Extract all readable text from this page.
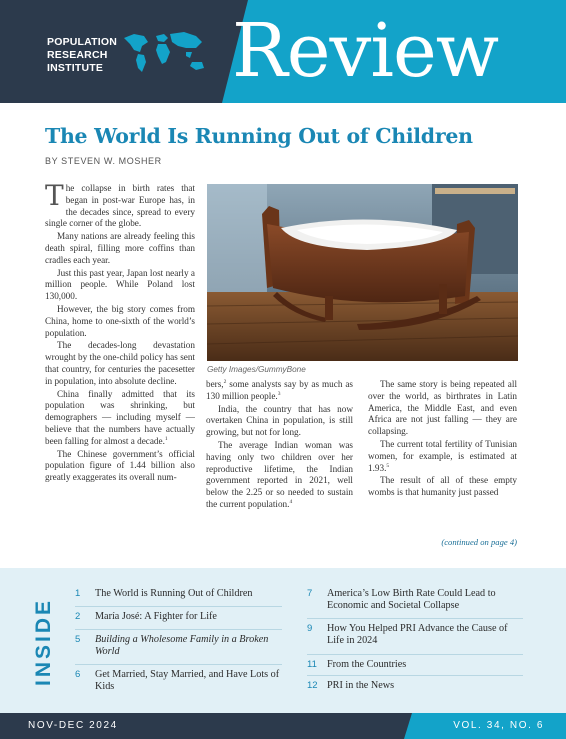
POPULATION
RESEARCH
INSTITUTE Review
The World Is Running Out of Children
BY STEVEN W. MOSHER

The collapse in birth rates that began in post-war Europe has, in the decades since, spread to every single corner of the globe.

Many nations are already feeling this death spiral, filling more coffins than cradles each year.

Just this past year, Japan lost nearly a million people. While Poland lost 130,000.

However, the big story comes from China, home to one-sixth of the world’s population.

The decades-long devastation wrought by the one-child policy has sent that country, for centuries the pacesetter in population, into absolute decline.

China finally admitted that its population was shrinking, but demographers — including myself — believe that the numbers have actually been falling for almost a decade.$^1$

The Chinese government’s official population figure of 1.44 billion also greatly exaggerates its overall num-

Getty Images/GummyBone

bers,$^2$ some analysts say by as much as 130 million people.$^3$

India, the country that has now overtaken China in population, is still growing, but not for long.

The average Indian woman was having only two children over her reproductive lifetime, the Indian government reported in 2021, well below the 2.25 or so needed to sustain the current population.$^4$

The same story is being repeated all over the world, as birthrates in Latin America, the Middle East, and even Africa are not just falling — they are collapsing.

The current total fertility of Tunisian women, for example, is estimated at 1.93.$^5$

The result of all of these empty wombs is that humanity just passed

(continued on page 4)
INSIDE
1	The World is Running Out of Children
2	María José: A Fighter for Life
5	Building a Wholesome Family in a Broken World
6	Get Married, Stay Married, and Have Lots of Kids
7	America’s Low Birth Rate Could Lead to Economic and Societal Collapse
9	How You Helped PRI Advance the Cause of Life in 2024
11 From the Countries
12 PRI in the News
NOV-DEC 2024	VOL. 34, NO. 6
